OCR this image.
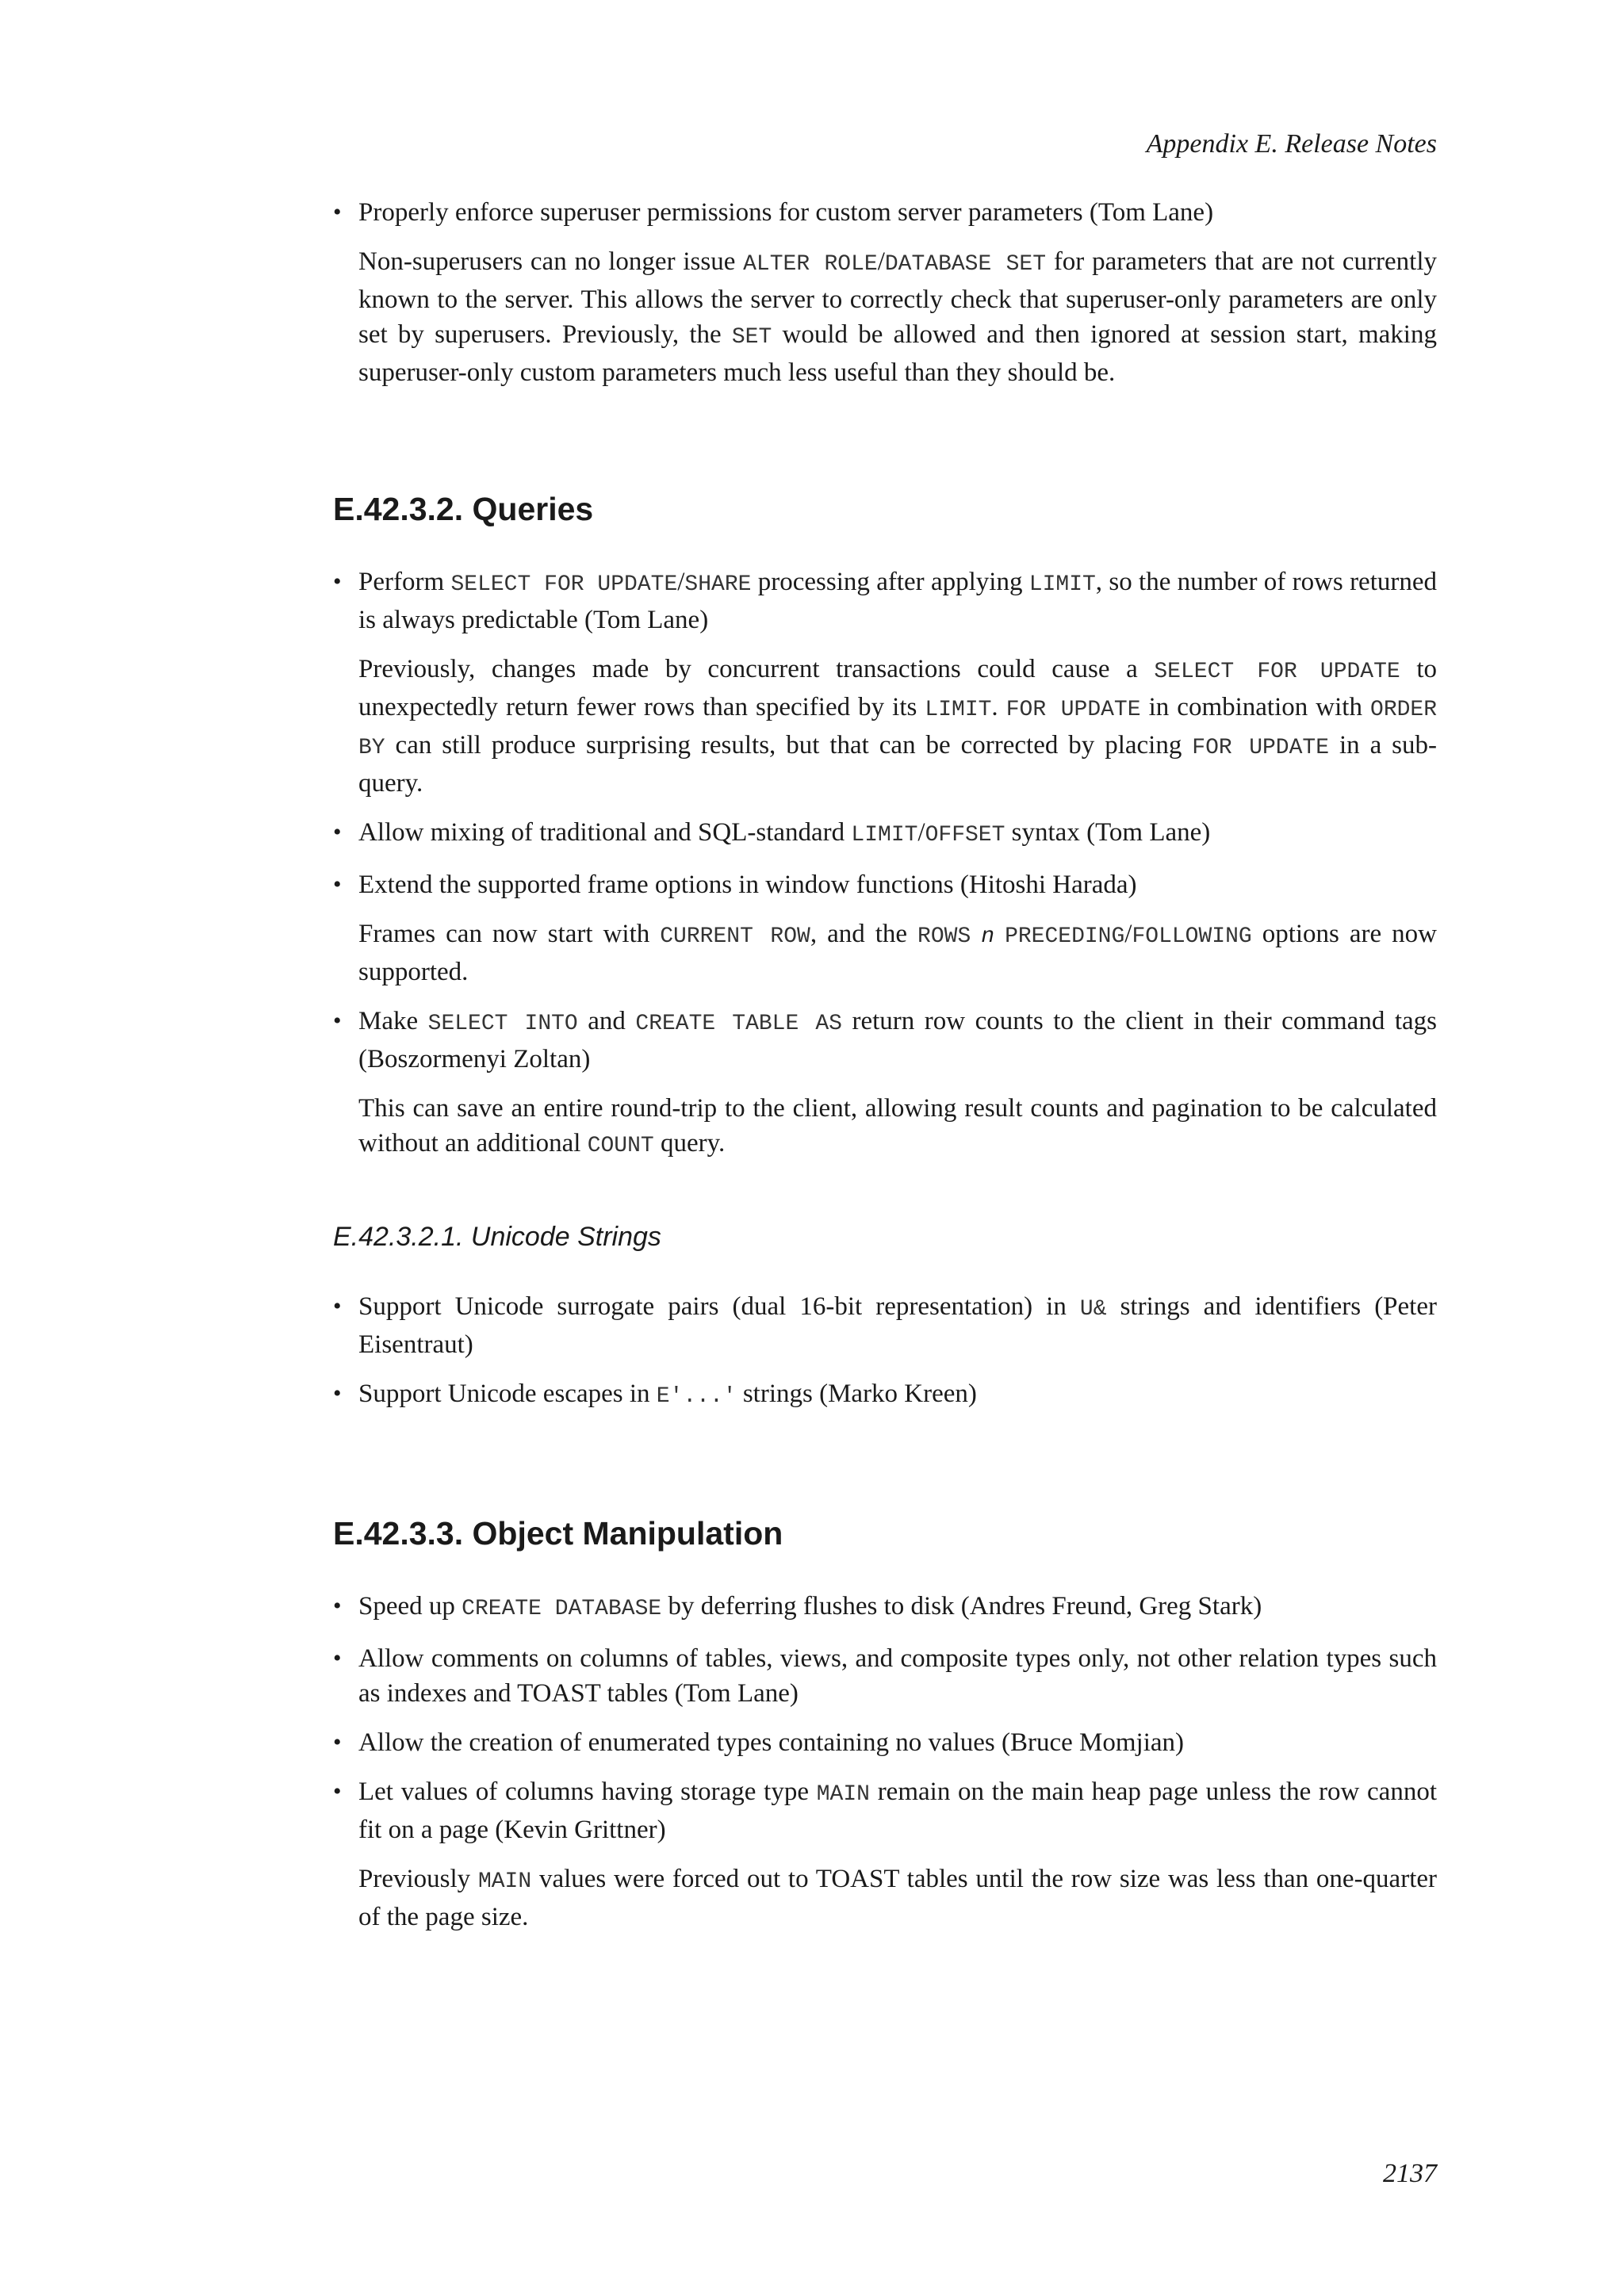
Appendix E. Release Notes
• Properly enforce superuser permissions for custom server parameters (Tom Lane)
Non-superusers can no longer issue ALTER ROLE/DATABASE SET for parameters that are not currently known to the server. This allows the server to correctly check that superuser-only parameters are only set by superusers. Previously, the SET would be allowed and then ignored at session start, making superuser-only custom parameters much less useful than they should be.
E.42.3.2. Queries
• Perform SELECT FOR UPDATE/SHARE processing after applying LIMIT, so the number of rows returned is always predictable (Tom Lane)
Previously, changes made by concurrent transactions could cause a SELECT FOR UPDATE to unexpectedly return fewer rows than specified by its LIMIT. FOR UPDATE in combination with ORDER BY can still produce surprising results, but that can be corrected by placing FOR UPDATE in a sub-query.
• Allow mixing of traditional and SQL-standard LIMIT/OFFSET syntax (Tom Lane)
• Extend the supported frame options in window functions (Hitoshi Harada)
Frames can now start with CURRENT ROW, and the ROWS n PRECEDING/FOLLOWING options are now supported.
• Make SELECT INTO and CREATE TABLE AS return row counts to the client in their command tags (Boszormenyi Zoltan)
This can save an entire round-trip to the client, allowing result counts and pagination to be calculated without an additional COUNT query.
E.42.3.2.1. Unicode Strings
• Support Unicode surrogate pairs (dual 16-bit representation) in U& strings and identifiers (Peter Eisentraut)
• Support Unicode escapes in E'...' strings (Marko Kreen)
E.42.3.3. Object Manipulation
• Speed up CREATE DATABASE by deferring flushes to disk (Andres Freund, Greg Stark)
• Allow comments on columns of tables, views, and composite types only, not other relation types such as indexes and TOAST tables (Tom Lane)
• Allow the creation of enumerated types containing no values (Bruce Momjian)
• Let values of columns having storage type MAIN remain on the main heap page unless the row cannot fit on a page (Kevin Grittner)
Previously MAIN values were forced out to TOAST tables until the row size was less than one-quarter of the page size.
2137
